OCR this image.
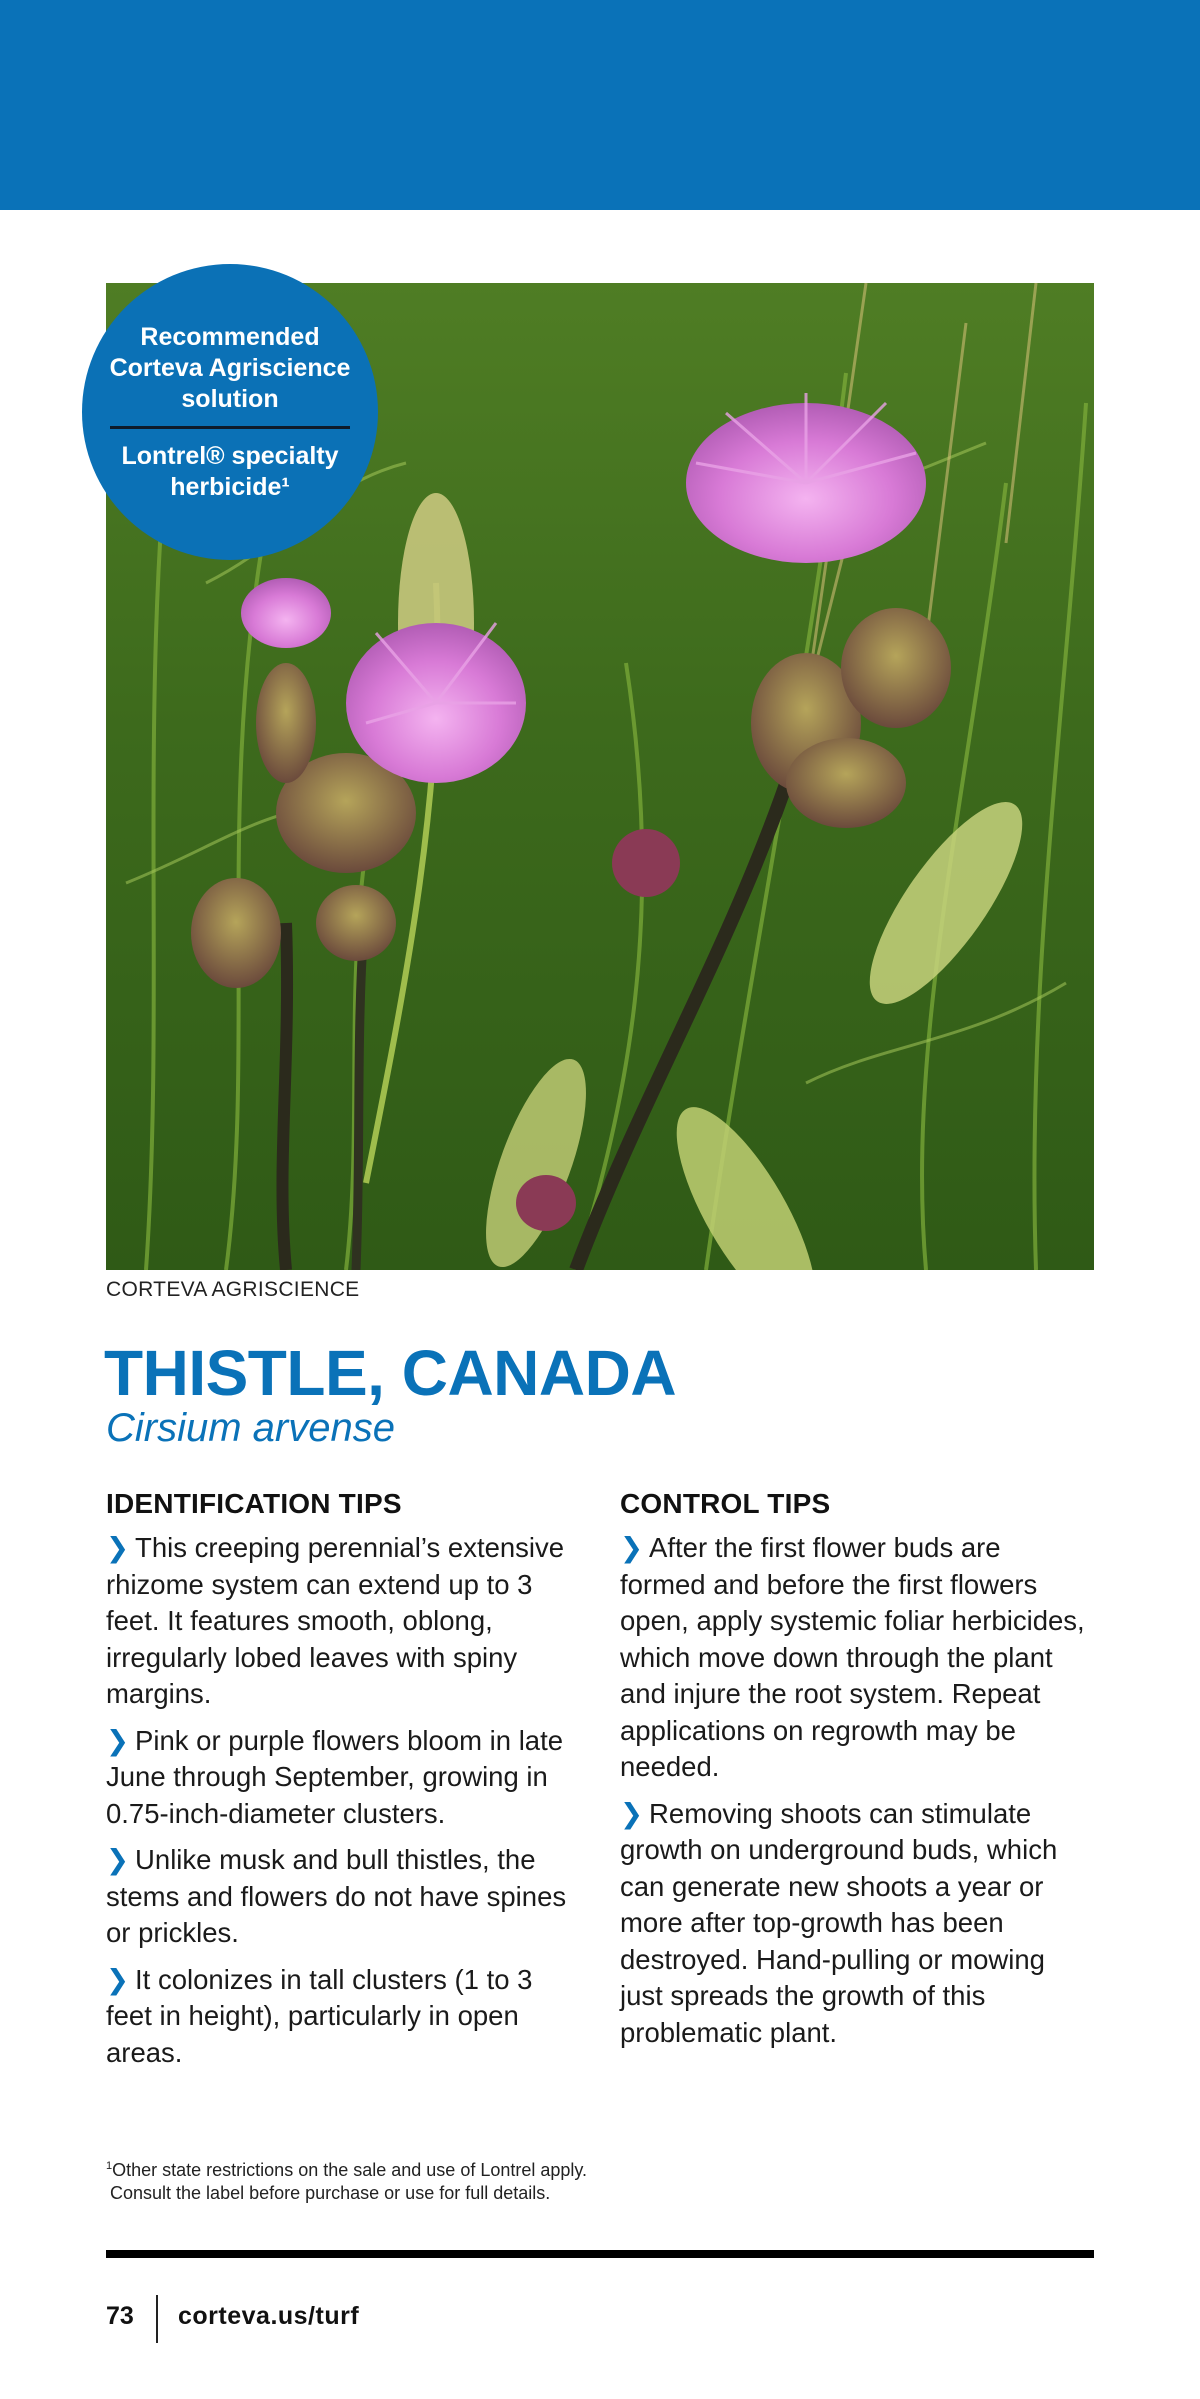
Recommended
Corteva Agriscience
solution
Lontrel® specialty
herbicide¹
CORTEVA AGRISCIENCE
THISTLE, CANADA
Cirsium arvense
IDENTIFICATION TIPS

❯ This creeping perennial’s extensive rhizome system can extend up to 3 feet. It features smooth, oblong, irregularly lobed leaves with spiny margins.

❯ Pink or purple flowers bloom in late June through September, growing in 0.75-inch-diameter clusters.

❯ Unlike musk and bull thistles, the stems and flowers do not have spines or prickles.

❯ It colonizes in tall clusters (1 to 3 feet in height), particularly in open areas.

CONTROL TIPS

❯ After the first flower buds are formed and before the first flowers open, apply systemic foliar herbicides, which move down through the plant and injure the root system. Repeat applications on regrowth may be needed.

❯ Removing shoots can stimulate growth on underground buds, which can generate new shoots a year or more after top-growth has been destroyed. Hand-pulling or mowing just spreads the growth of this problematic plant.

$^1$Other state restrictions on the sale and use of Lontrel apply.
Consult the label before purchase or use for full details.
73 corteva.us/turf
